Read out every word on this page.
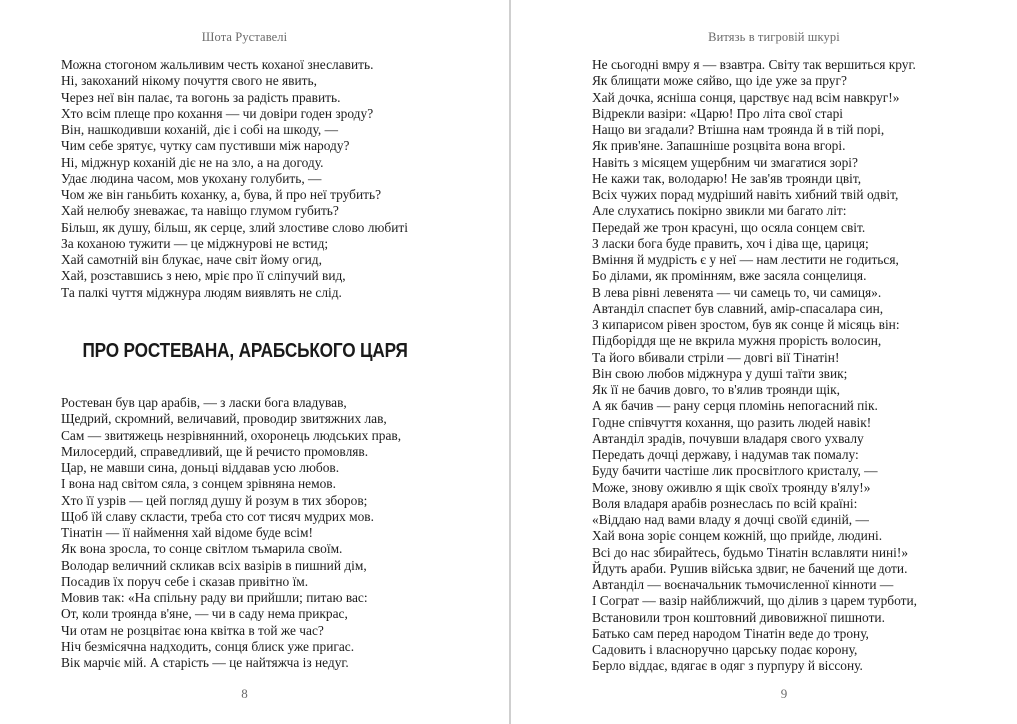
Шота Руставелі
Можна стогоном жальливим честь коханої знеславить.
Ні, закоханий нікому почуття свого не явить,
Через неї він палає, та вогонь за радість править.
Хто всім плеще про кохання — чи довіри годен зроду?
Він, нашкодивши коханій, діє і собі на шкоду, —
Чим себе зрятує, чутку сам пустивши між народу?
Ні, міджнур коханій діє не на зло, а на догоду.
Удає людина часом, мов укохану голубить, —
Чом же він ганьбить коханку, а, бува, й про неї трубить?
Хай нелюбу зневажає, та навіщо глумом губить?
Більш, як душу, більш, як серце, злий злостиве слово любиті
За коханою тужити — це міджнурові не встид;
Хай самотній він блукає, наче світ йому огид,
Хай, розставшись з нею, мріє про її сліпучий вид,
Та палкі чуття міджнура людям виявлять не слід.
ПРО РОСТЕВАНА, АРАБСЬКОГО ЦАРЯ
Ростеван був цар арабів, — з ласки бога владував,
Щедрий, скромний, величавий, проводир звитяжних лав,
Сам — звитяжець незрівнянний, охоронець людських прав,
Милосердий, справедливий, ще й речисто промовляв.
Цар, не мавши сина, доньці віддавав усю любов.
І вона над світом сяла, з сонцем зрівняна немов.
Хто її узрів — цей погляд душу й розум в тих зборов;
Щоб їй славу скласти, треба сто сот тисяч мудрих мов.
Тінатін — її наймення хай відоме буде всім!
Як вона зросла, то сонце світлом тьмарила своїм.
Володар величний скликав всіх вазірів в пишний дім,
Посадив їх поруч себе і сказав привітно їм.
Мовив так: «На спільну раду ви прийшли; питаю вас:
От, коли троянда в'яне, — чи в саду нема прикрас,
Чи отам не розцвітає юна квітка в той же час?
Ніч безмісячна надходить, сонця блиск уже пригас.
Вік марчіє мій. А старість — це найтяжча із недуг.
8
Витязь в тигровій шкурі
Не сьогодні вмру я — взавтра. Світу так вершиться круг.
Як блищати може сяйво, що іде уже за пруг?
Хай дочка, ясніша сонця, царствує над всім навкруг!»
Відрекли вазіри: «Царю! Про літа свої старі
Нащо ви згадали? Втішна нам троянда й в тій порі,
Як прив'яне. Запашніше розцвіта вона вгорі.
Навіть з місяцем ущербним чи змагатися зорі?
Не кажи так, володарю! Не зав'яв троянди цвіт,
Всіх чужих порад мудріший навіть хибний твій одвіт,
Але слухатись покірно звикли ми багато літ:
Передай же трон красуні, що осяла сонцем світ.
З ласки бога буде править, хоч і діва ще, цариця;
Вміння й мудрість є у неї — нам лестити не годиться,
Бо ділами, як промінням, вже засяла сонцелиця.
В лева рівні левенята — чи самець то, чи самиця».
Автанділ спаспет був славний, амір-спасалара син,
З кипарисом рівен зростом, був як сонце й місяць він:
Підборіддя ще не вкрила мужня прорість волосин,
Та його вбивали стріли — довгі вії Тінатін!
Він свою любов міджнура у душі таїти звик;
Як її не бачив довго, то в'ялив троянди щік,
А як бачив — рану серця пломінь непогасний пік.
Годне співчуття кохання, що разить людей навік!
Автанділ зрадів, почувши владаря свого ухвалу
Передать дочці державу, і надумав так помалу:
Буду бачити частіше лик просвітлого кристалу, —
Може, знову оживлю я щік своїх троянду в'ялу!»
Воля владаря арабів рознеслась по всій країні:
«Віддаю над вами владу я дочці своїй єдиній, —
Хай вона зоріє сонцем кожній, що прийде, людині.
Всі до нас збирайтесь, будьмо Тінатін вславляти нині!»
Йдуть араби. Рушив війська здвиг, не бачений ще доти.
Автанділ — воєначальник тьмочисленної кінноти —
І Сограт — вазір найближчий, що ділив з царем турботи,
Встановили трон коштовний дивовижної пишноти.
Батько сам перед народом Тінатін веде до трону,
Садовить і власноручно царську подає корону,
Берло віддає, вдягає в одяг з пурпуру й віссону.
9
